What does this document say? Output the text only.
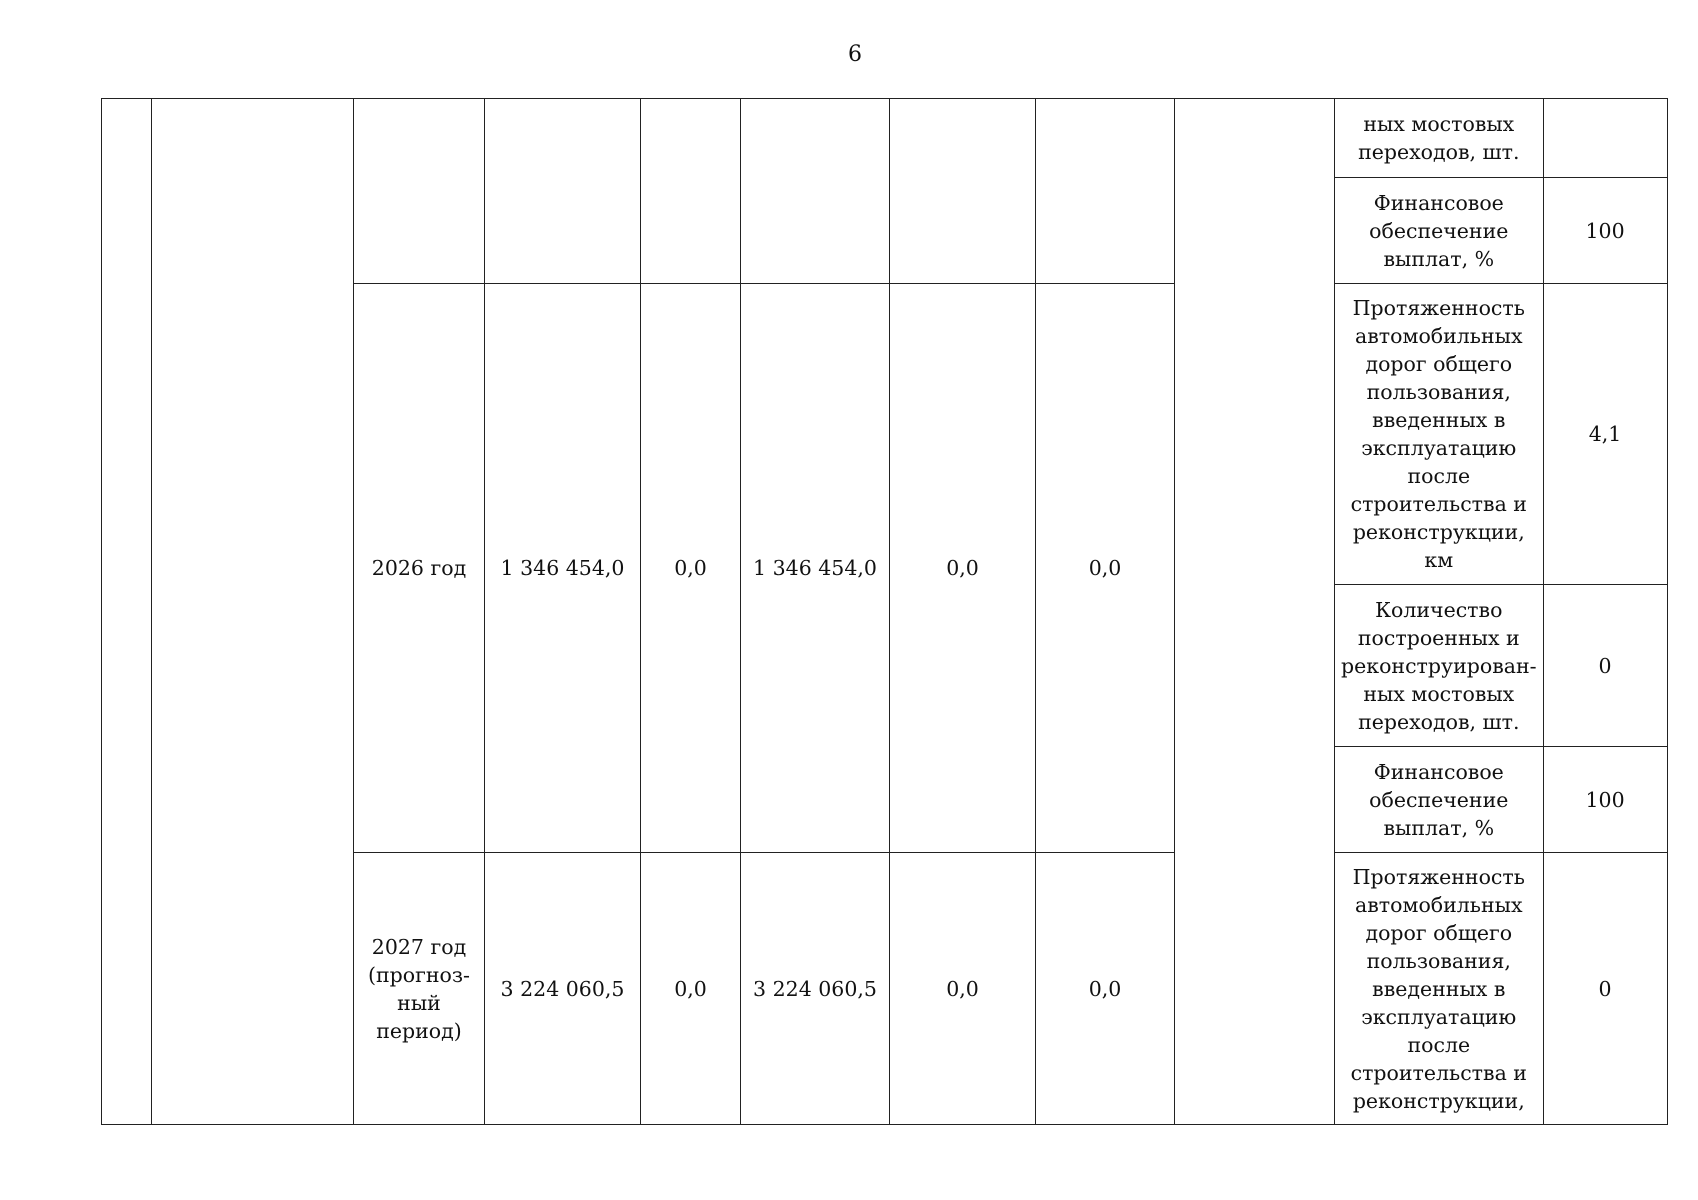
6
									ных мостовых переходов, шт.	
									Финансовое обеспечение выплат, %	100
		2026 год	1 346 454,0	0,0	1 346 454,0	0,0	0,0		Протяженность автомобильных дорог общего пользования, введенных в эксплуатацию после строительства и реконструкции, км	4,1
									Количество построенных и реконструирован-ных мостовых переходов, шт.	0
									Финансовое обеспечение выплат, %	100
		2027 год (прогноз-ный период)	3 224 060,5	0,0	3 224 060,5	0,0	0,0		Протяженность автомобильных дорог общего пользования, введенных в эксплуатацию после строительства и реконструкции,	0
